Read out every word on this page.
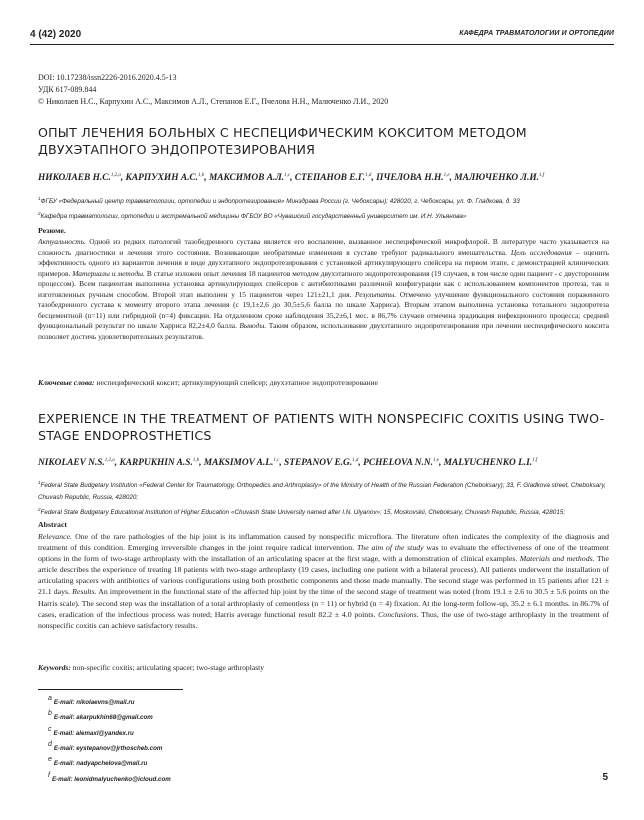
4 (42) 2020	КАФЕДРА ТРАВМАТОЛОГИИ И ОРТОПЕДИИ
DOI: 10.17238/issn2226-2016.2020.4.5-13
УДК 617-089.844
© Николаев Н.С., Карпухин А.С., Максимов А.Л., Степанов Е.Г., Пчелова Н.Н., Малюченко Л.И., 2020
ОПЫТ ЛЕЧЕНИЯ БОЛЬНЫХ С НЕСПЕЦИФИЧЕСКИМ КОКСИТОМ МЕТОДОМ ДВУХЭТАПНОГО ЭНДОПРОТЕЗИРОВАНИЯ
НИКОЛАЕВ Н.С.$^{1,2,a}$, КАРПУХИН А.С.$^{1,b}$, МАКСИМОВ А.Л.$^{1,c}$, СТЕПАНОВ Е.Г.$^{1,d}$, ПЧЕЛОВА Н.Н.$^{1,e}$, МАЛЮЧЕНКО Л.И.$^{1,f}$
$^1$ФГБУ «Федеральный центр травматологии, ортопедии и эндопротезирования» Минздрава России (г. Чебоксары); 428020, г. Чебоксары, ул. Ф. Гладкова, д. 33
$^2$Кафедра травматологии, ортопедии и экстремальной медицины ФГБОУ ВО «Чувашский государственный университет им. И.Н. Ульянова»
Резюме.

Актуальность. Одной из редких патологий тазобедренного сустава является его воспаление, вызванное неспецифической микрофлорой. В литературе часто указывается на сложность диагностики и лечения этого состояния. Возникающие необратимые изменения в суставе требуют радикального вмешательства. Цель исследования – оценить эффективность одного из вариантов лечения в виде двухэтапного эндопротезирования с установкой артикулирующего спейсера на первом этапе, с демонстрацией клинических примеров. Материалы и методы. В статье изложен опыт лечения 18 пациентов методом двухэтапного эндопротезирования (19 случаев, в том числе один пациент - с двусторонним процессом). Всем пациентам выполнена установка артикулирующих спейсеров с антибиотиками различной конфигурации как с использованием компонентов протеза, так и изготовленных ручным способом. Второй этап выполнен у 15 пациентов через 121±21,1 дня. Результаты. Отмечено улучшение функционального состояния пораженного тазобедренного сустава к моменту второго этапа лечения (с 19,1±2,6 до 30,5±5,6 балла по шкале Харриса). Вторым этапом выполнена установка тотального эндопротеза бесцементной (n=11) или гибридной (n=4) фиксации. На отдаленном сроке наблюдения 35,2±6,1 мес. в 86,7% случаев отмечена эрадикация инфекционного процесса; средний функциональный результат по шкале Харриса 82,2±4,0 балла. Выводы. Таким образом, использование двухэтапного эндопротезирования при лечении неспецифического коксита позволяет достичь удовлетворительных результатов.

Ключевые слова: неспецифический коксит; артикулирующий спейсер; двухэтапное эндопротезирование
EXPERIENCE IN THE TREATMENT OF PATIENTS WITH NONSPECIFIC COXITIS USING TWO-STAGE ENDOPROSTHETICS
NIKOLAEV N.S.$^{1,2,a}$, KARPUKHIN A.S.$^{1,b}$, MAKSIMOV A.L.$^{1,c}$, STEPANOV E.G.$^{1,d}$, PCHELOVA N.N.$^{1,e}$, MALYUCHENKO L.I.$^{1,f}$
$^1$Federal State Budgetary Institution «Federal Center for Traumatology, Orthopedics and Arthroplasty» of the Ministry of Health of the Russian Federation (Cheboksary); 33, F. Gladkova street, Cheboksary, Chuvash Republic, Russia, 428020;
$^2$Federal State Budgetary Educational Institution of Higher Education «Chuvash State University named after I.N. Ulyanov»; 15, Moskovskii, Cheboksary, Chuvash Republic, Russia, 428015;
Abstract

Relevance. One of the rare pathologies of the hip joint is its inflammation caused by nonspecific microflora. The literature often indicates the complexity of the diagnosis and treatment of this condition. Emerging irreversible changes in the joint require radical intervention. The aim of the study was to evaluate the effectiveness of one of the treatment options in the form of two-stage arthroplasty with the installation of an articulating spacer at the first stage, with a demonstration of clinical examples. Materials and methods. The article describes the experience of treating 18 patients with two-stage arthroplasty (19 cases, including one patient with a bilateral process). All patients underwent the installation of articulating spacers with antibiotics of various configurations using both prosthetic components and those made manually. The second stage was performed in 15 patients after 121 ± 21.1 days. Results. An improvement in the functional state of the affected hip joint by the time of the second stage of treatment was noted (from 19.1 ± 2.6 to 30.5 ± 5.6 points on the Harris scale). The second step was the installation of a total arthroplasty of cementless (n = 11) or hybrid (n = 4) fixation. At the long-term follow-up, 35.2 ± 6.1 months. in 86.7% of cases, eradication of the infectious process was noted; Harris average functional result 82.2 ± 4.0 points. Conclusions. Thus, the use of two-stage arthroplasty in the treatment of nonspecific coxitis can achieve satisfactory results.

Keywords: non-specific coxitis; articulating spacer; two-stage arthroplasty
$^a$E-mail: nikolaevns@mail.ru
$^b$E-mail: akarpukhin68@gmail.com
$^c$E-mail: alemaxl@yandex.ru
$^d$E-mail: eystepanov@jrthoscheb.com
$^e$E-mail: nadyapchelova@mail.ru
$^f$E-mail: leonidmalyuchenko@icloud.com	5
